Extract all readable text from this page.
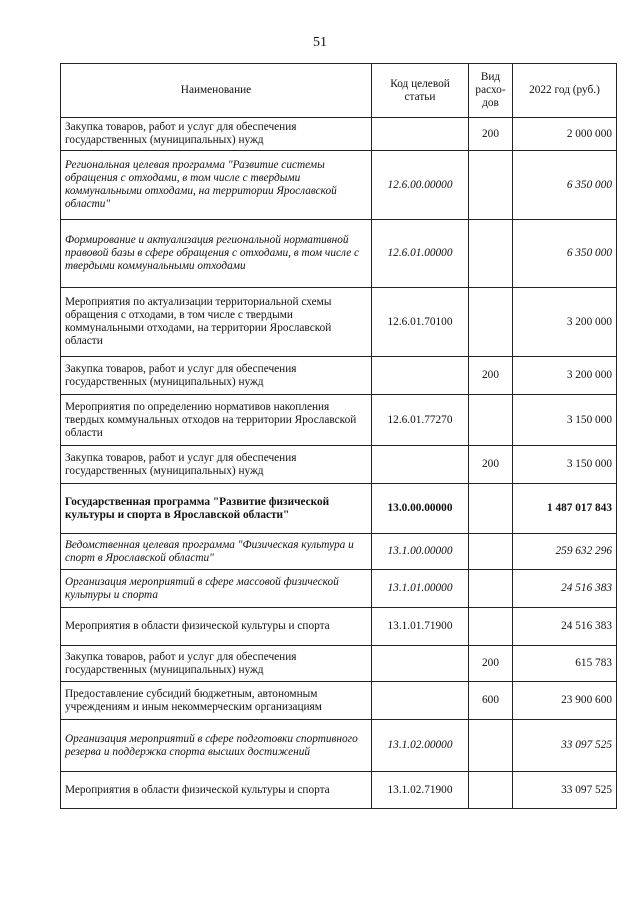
51
Наименование	Код целевой статьи	Вид расхо-дов	2022 год (руб.)
Закупка товаров, работ и услуг для обеспечения государственных (муниципальных) нужд		200	2 000 000
Региональная целевая программа "Развитие системы обращения с отходами, в том числе с твердыми коммунальными отходами, на территории Ярославской области"	12.6.00.00000		6 350 000
Формирование и актуализация региональной нормативной правовой базы в сфере обращения с отходами, в том числе с твердыми коммунальными отходами	12.6.01.00000		6 350 000
Мероприятия по актуализации территориальной схемы обращения с отходами, в том числе с твердыми коммунальными отходами, на территории Ярославской области	12.6.01.70100		3 200 000
Закупка товаров, работ и услуг для обеспечения государственных (муниципальных) нужд		200	3 200 000
Мероприятия по определению нормативов накопления твердых коммунальных отходов на территории Ярославской области	12.6.01.77270		3 150 000
Закупка товаров, работ и услуг для обеспечения государственных (муниципальных) нужд		200	3 150 000
Государственная программа "Развитие физической культуры и спорта в Ярославской области"	13.0.00.00000		1 487 017 843
Ведомственная целевая программа "Физическая культура и спорт в Ярославской области"	13.1.00.00000		259 632 296
Организация мероприятий в сфере массовой физической культуры и спорта	13.1.01.00000		24 516 383
Мероприятия в области физической культуры и спорта	13.1.01.71900		24 516 383
Закупка товаров, работ и услуг для обеспечения государственных (муниципальных) нужд		200	615 783
Предоставление субсидий бюджетным, автономным учреждениям и иным некоммерческим организациям		600	23 900 600
Организация мероприятий в сфере подготовки спортивного резерва и поддержка спорта высших достижений	13.1.02.00000		33 097 525
Мероприятия в области физической культуры и спорта	13.1.02.71900		33 097 525
